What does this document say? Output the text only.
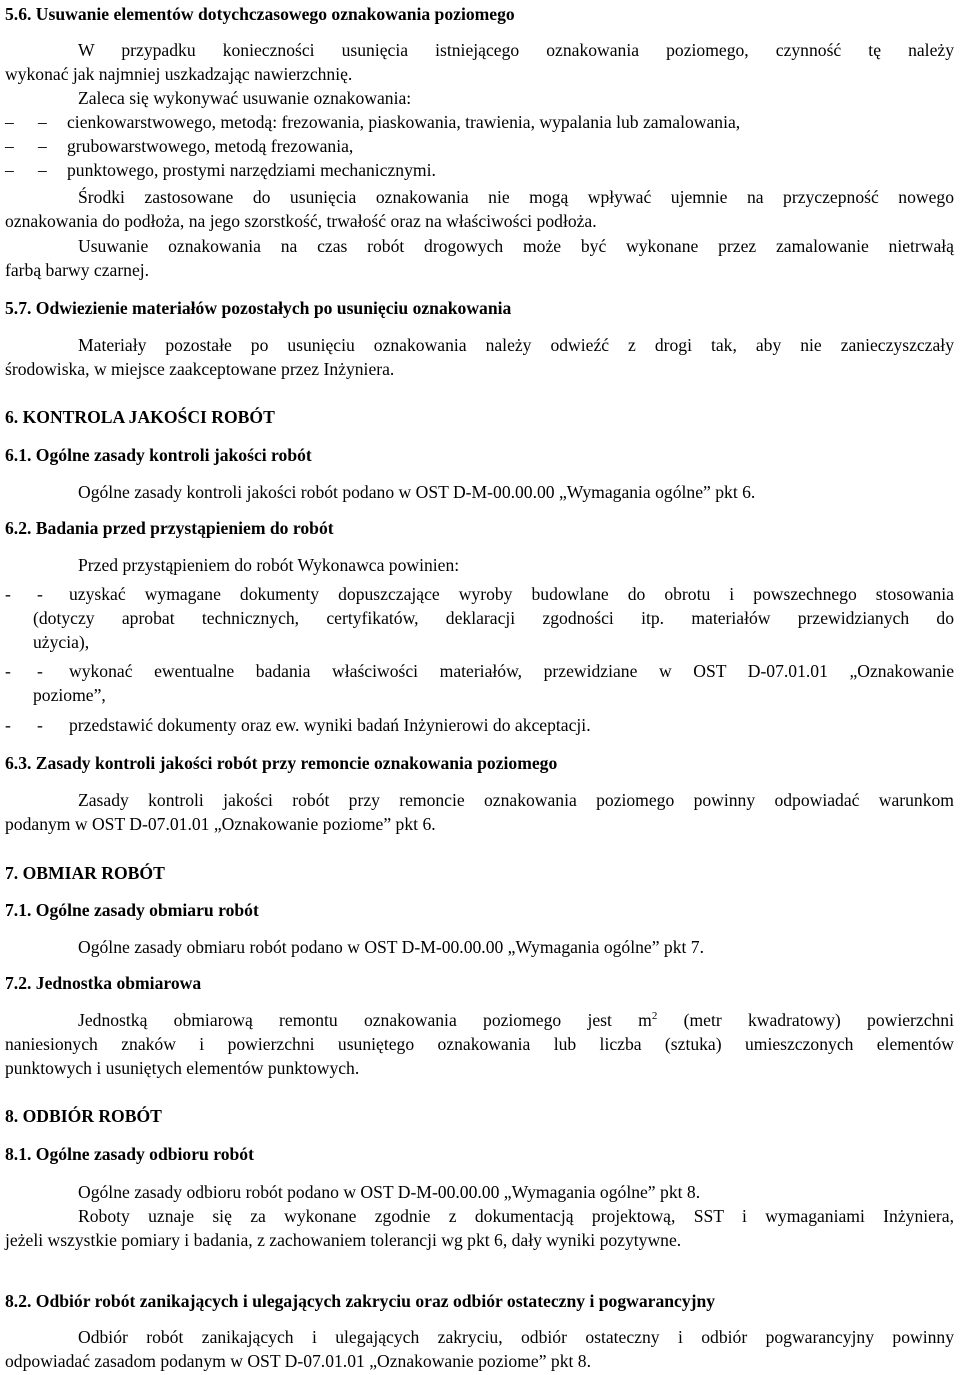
5.6. Usuwanie elementów dotychczasowego oznakowania poziomego
W przypadku konieczności usunięcia istniejącego oznakowania poziomego, czynność tę należy
wykonać jak najmniej uszkadzając nawierzchnię.
Zaleca się wykonywać usuwanie oznakowania:
– – cienkowarstwowego, metodą: frezowania, piaskowania, trawienia, wypalania lub zamalowania,
– – grubowarstwowego, metodą frezowania,
– – punktowego, prostymi narzędziami mechanicznymi.
Środki zastosowane do usunięcia oznakowania nie mogą wpływać ujemnie na przyczepność nowego
oznakowania do podłoża, na jego szorstkość, trwałość oraz na właściwości podłoża.
Usuwanie oznakowania na czas robót drogowych może być wykonane przez zamalowanie nietrwałą
farbą barwy czarnej.
5.7. Odwiezienie materiałów pozostałych po usunięciu oznakowania
Materiały pozostałe po usunięciu oznakowania należy odwieźć z drogi tak, aby nie zanieczyszczały
środowiska, w miejsce zaakceptowane przez Inżyniera.
6. KONTROLA JAKOŚCI ROBÓT
6.1. Ogólne zasady kontroli jakości robót
Ogólne zasady kontroli jakości robót podano w OST D-M-00.00.00 „Wymagania ogólne” pkt 6.
6.2. Badania przed przystąpieniem do robót
Przed przystąpieniem do robót Wykonawca powinien:
- - uzyskać wymagane dokumenty dopuszczające wyroby budowlane do obrotu i powszechnego stosowania
(dotyczy aprobat technicznych, certyfikatów, deklaracji zgodności itp. materiałów przewidzianych do
użycia),
- - wykonać ewentualne badania właściwości materiałów, przewidziane w OST D-07.01.01 „Oznakowanie
poziome”,
- - przedstawić dokumenty oraz ew. wyniki badań Inżynierowi do akceptacji.
6.3. Zasady kontroli jakości robót przy remoncie oznakowania poziomego
Zasady kontroli jakości robót przy remoncie oznakowania poziomego powinny odpowiadać warunkom
podanym w OST D-07.01.01 „Oznakowanie poziome” pkt 6.
7. OBMIAR ROBÓT
7.1. Ogólne zasady obmiaru robót
Ogólne zasady obmiaru robót podano w OST D-M-00.00.00 „Wymagania ogólne” pkt 7.
7.2. Jednostka obmiarowa
Jednostką obmiarową remontu oznakowania poziomego jest $m^2$ (metr kwadratowy) powierzchni
naniesionych znaków i powierzchni usuniętego oznakowania lub liczba (sztuka) umieszczonych elementów
punktowych i usuniętych elementów punktowych.
8. ODBIÓR ROBÓT
8.1. Ogólne zasady odbioru robót
Ogólne zasady odbioru robót podano w OST D-M-00.00.00 „Wymagania ogólne” pkt 8.
Roboty uznaje się za wykonane zgodnie z dokumentacją projektową, SST i wymaganiami Inżyniera,
jeżeli wszystkie pomiary i badania, z zachowaniem tolerancji wg pkt 6, dały wyniki pozytywne.
8.2. Odbiór robót zanikających i ulegających zakryciu oraz odbiór ostateczny i pogwarancyjny
Odbiór robót zanikających i ulegających zakryciu, odbiór ostateczny i odbiór pogwarancyjny powinny
odpowiadać zasadom podanym w OST D-07.01.01 „Oznakowanie poziome” pkt 8.
